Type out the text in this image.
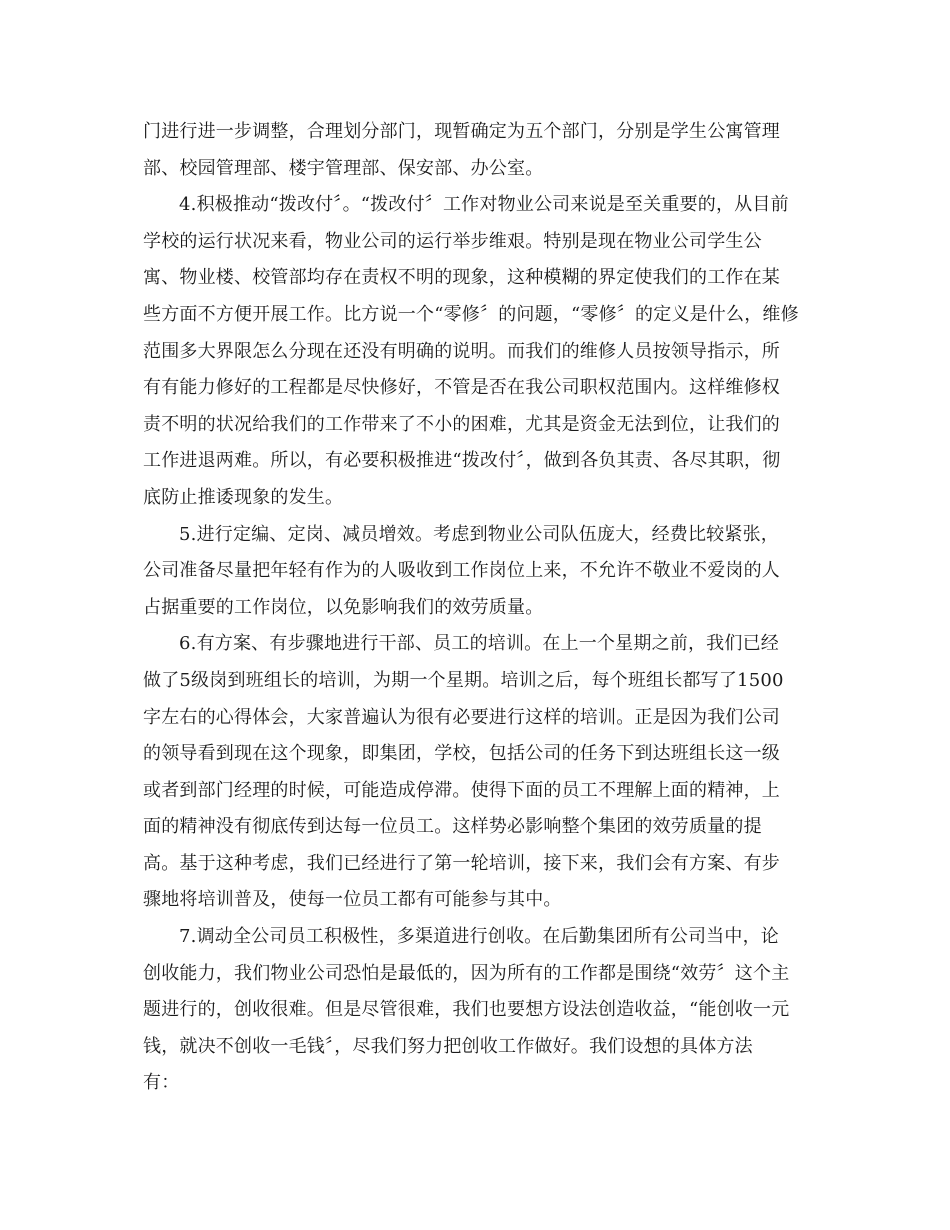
门进行进一步调整，合理划分部门，现暂确定为五个部门，分别是学生公寓管理
部、校园管理部、楼宇管理部、保安部、办公室。

4.积极推动“拨改付〞。“拨改付〞工作对物业公司来说是至关重要的，从目前
学校的运行状况来看，物业公司的运行举步维艰。特别是现在物业公司学生公
寓、物业楼、校管部均存在责权不明的现象，这种模糊的界定使我们的工作在某
些方面不方便开展工作。比方说一个“零修〞的问题，“零修〞的定义是什么，维修
范围多大界限怎么分现在还没有明确的说明。而我们的维修人员按领导指示，所
有有能力修好的工程都是尽快修好，不管是否在我公司职权范围内。这样维修权
责不明的状况给我们的工作带来了不小的困难，尤其是资金无法到位，让我们的
工作进退两难。所以，有必要积极推进“拨改付〞，做到各负其责、各尽其职，彻
底防止推诿现象的发生。

5.进行定编、定岗、减员增效。考虑到物业公司队伍庞大，经费比较紧张，
公司准备尽量把年轻有作为的人吸收到工作岗位上来，不允许不敬业不爱岗的人
占据重要的工作岗位，以免影响我们的效劳质量。

6.有方案、有步骤地进行干部、员工的培训。在上一个星期之前，我们已经
做了5级岗到班组长的培训，为期一个星期。培训之后，每个班组长都写了1500
字左右的心得体会，大家普遍认为很有必要进行这样的培训。正是因为我们公司
的领导看到现在这个现象，即集团，学校，包括公司的任务下到达班组长这一级
或者到部门经理的时候，可能造成停滞。使得下面的员工不理解上面的精神，上
面的精神没有彻底传到达每一位员工。这样势必影响整个集团的效劳质量的提
高。基于这种考虑，我们已经进行了第一轮培训，接下来，我们会有方案、有步
骤地将培训普及，使每一位员工都有可能参与其中。

7.调动全公司员工积极性，多渠道进行创收。在后勤集团所有公司当中，论
创收能力，我们物业公司恐怕是最低的，因为所有的工作都是围绕“效劳〞这个主
题进行的，创收很难。但是尽管很难，我们也要想方设法创造收益，“能创收一元
钱，就决不创收一毛钱〞，尽我们努力把创收工作做好。我们设想的具体方法
有：
